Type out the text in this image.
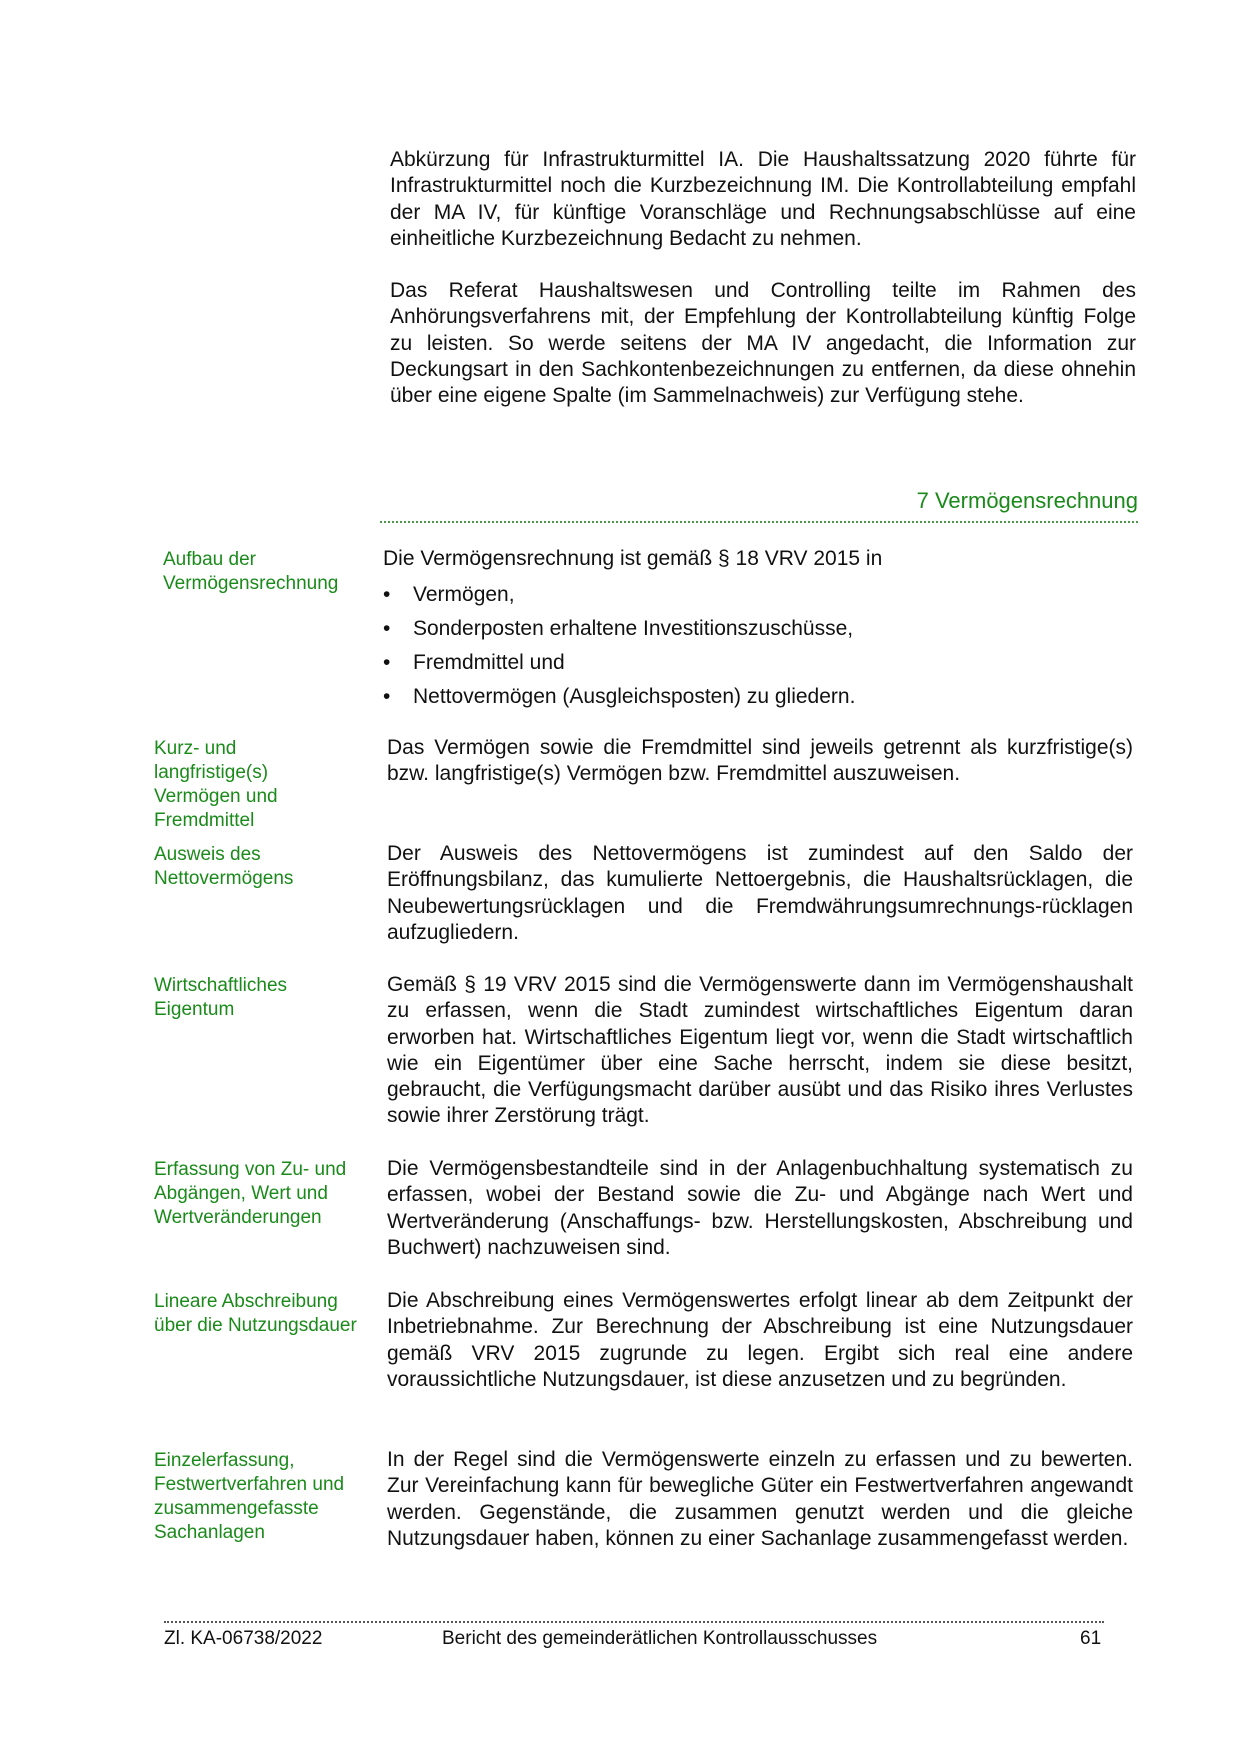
Abkürzung für Infrastrukturmittel IA. Die Haushaltssatzung 2020 führte für Infrastrukturmittel noch die Kurzbezeichnung IM. Die Kontrollabteilung empfahl der MA IV, für künftige Voranschläge und Rechnungsabschlüsse auf eine einheitliche Kurzbezeichnung Bedacht zu nehmen.

Das Referat Haushaltswesen und Controlling teilte im Rahmen des Anhörungsverfahrens mit, der Empfehlung der Kontrollabteilung künftig Folge zu leisten. So werde seitens der MA IV angedacht, die Information zur Deckungsart in den Sachkontenbezeichnungen zu entfernen, da diese ohnehin über eine eigene Spalte (im Sammelnachweis) zur Verfügung stehe.

7 Vermögensrechnung

Aufbau der Vermögensrechnung

Die Vermögensrechnung ist gemäß § 18 VRV 2015 in
• Vermögen,
• Sonderposten erhaltene Investitionszuschüsse,
• Fremdmittel und
• Nettovermögen (Ausgleichsposten) zu gliedern.

Kurz- und langfristige(s) Vermögen und Fremdmittel

Das Vermögen sowie die Fremdmittel sind jeweils getrennt als kurzfristige(s) bzw. langfristige(s) Vermögen bzw. Fremdmittel auszuweisen.

Ausweis des Nettovermögens

Der Ausweis des Nettovermögens ist zumindest auf den Saldo der Eröffnungsbilanz, das kumulierte Nettoergebnis, die Haushaltsrücklagen, die Neubewertungsrücklagen und die Fremdwährungsumrechnungs-rücklagen aufzugliedern.

Wirtschaftliches Eigentum

Gemäß § 19 VRV 2015 sind die Vermögenswerte dann im Vermögenshaushalt zu erfassen, wenn die Stadt zumindest wirtschaftliches Eigentum daran erworben hat. Wirtschaftliches Eigentum liegt vor, wenn die Stadt wirtschaftlich wie ein Eigentümer über eine Sache herrscht, indem sie diese besitzt, gebraucht, die Verfügungsmacht darüber ausübt und das Risiko ihres Verlustes sowie ihrer Zerstörung trägt.

Erfassung von Zu- und Abgängen, Wert und Wertveränderungen

Die Vermögensbestandteile sind in der Anlagenbuchhaltung systematisch zu erfassen, wobei der Bestand sowie die Zu- und Abgänge nach Wert und Wertveränderung (Anschaffungs- bzw. Herstellungskosten, Abschreibung und Buchwert) nachzuweisen sind.

Lineare Abschreibung über die Nutzungsdauer

Die Abschreibung eines Vermögenswertes erfolgt linear ab dem Zeitpunkt der Inbetriebnahme. Zur Berechnung der Abschreibung ist eine Nutzungsdauer gemäß VRV 2015 zugrunde zu legen. Ergibt sich real eine andere voraussichtliche Nutzungsdauer, ist diese anzusetzen und zu begründen.

Einzelerfassung, Festwertverfahren und zusammengefasste Sachanlagen

In der Regel sind die Vermögenswerte einzeln zu erfassen und zu bewerten. Zur Vereinfachung kann für bewegliche Güter ein Festwertverfahren angewandt werden. Gegenstände, die zusammen genutzt werden und die gleiche Nutzungsdauer haben, können zu einer Sachanlage zusammengefasst werden.

Zl. KA-06738/2022	Bericht des gemeinderätlichen Kontrollausschusses	61
